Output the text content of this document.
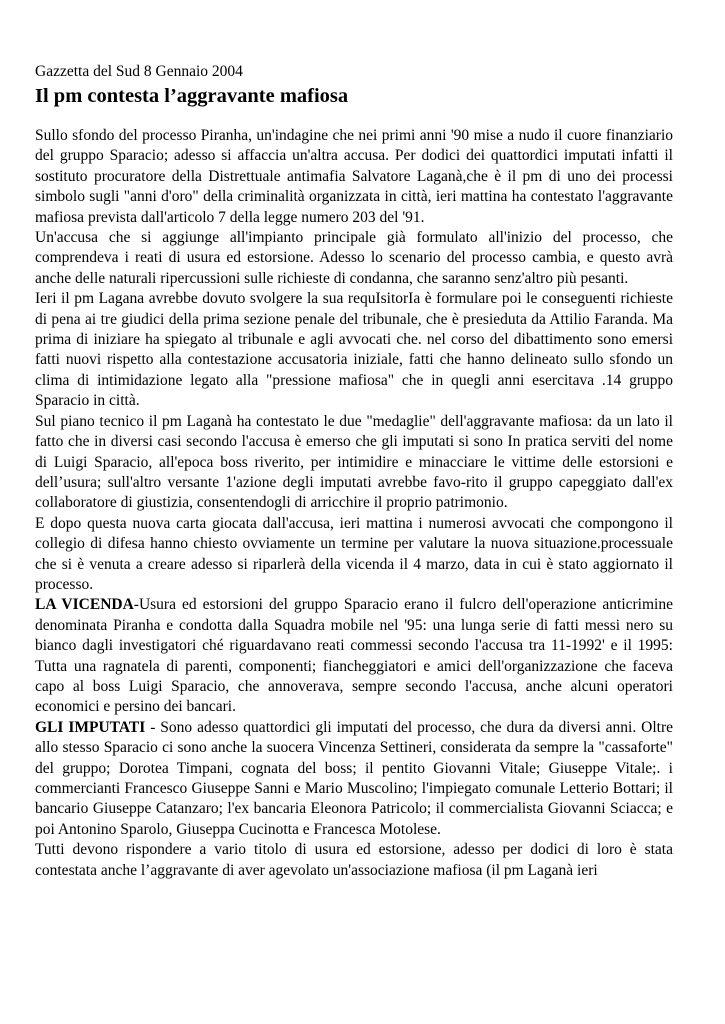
Gazzetta del Sud 8 Gennaio 2004

Il pm contesta l’aggravante mafiosa

Sullo sfondo del processo Piranha, un'indagine che nei primi anni '90 mise a nudo il cuore finanziario del gruppo Sparacio; adesso si affaccia un'altra accusa. Per dodici dei quattordici imputati infatti il sostituto procuratore della Distrettuale antimafia Salvatore Laganà,che è il pm di uno dei processi simbolo sugli "anni d'oro" della criminalità organizzata in città, ieri mattina ha contestato l'aggravante mafiosa prevista dall'articolo 7 della legge numero 203 del '91.

Un'accusa che si aggiunge all'impianto principale già formulato all'inizio del processo, che comprendeva i reati di usura ed estorsione. Adesso lo scenario del processo cambia, e questo avrà anche delle naturali ripercussioni sulle richieste di condanna, che saranno senz'altro più pesanti.

Ieri il pm Lagana avrebbe dovuto svolgere la sua requIsitorIa è formulare poi le conseguenti richieste di pena ai tre giudici della prima sezione penale del tribunale, che è presieduta da Attilio Faranda. Ma prima di iniziare ha spiegato al tribunale e agli avvocati che. nel corso del dibattimento sono emersi fatti nuovi rispetto alla contestazione accusatoria iniziale, fatti che hanno delineato sullo sfondo un clima di intimidazione legato alla "pressione mafiosa" che in quegli anni esercitava .14 gruppo Sparacio in città.

Sul piano tecnico il pm Laganà ha contestato le due "medaglie" dell'aggravante mafiosa: da un lato il fatto che in diversi casi secondo l'accusa è emerso che gli imputati si sono In pratica serviti del nome di Luigi Sparacio, all'epoca boss riverito, per intimidire e minacciare le vittime delle estorsioni e dell’usura; sull'altro versante 1'azione degli imputati avrebbe favo-rito il gruppo capeggiato dall'ex collaboratore di giustizia, consentendogli di arricchire il proprio patrimonio.

E dopo questa nuova carta giocata dall'accusa, ieri mattina i numerosi avvocati che compongono il collegio di difesa hanno chiesto ovviamente un termine per valutare la nuova situazione.processuale che si è venuta a creare adesso si riparlerà della vicenda il 4 marzo, data in cui è stato aggiornato il processo.

LA VICENDA-Usura ed estorsioni del gruppo Sparacio erano il fulcro dell'operazione anticrimine denominata Piranha e condotta dalla Squadra mobile nel '95: una lunga serie di fatti messi nero su bianco dagli investigatori ché riguardavano reati commessi secondo l'accusa tra 11-1992' e il 1995: Tutta una ragnatela di parenti, componenti; fiancheggiatori e amici dell'organizzazione che faceva capo al boss Luigi Sparacio, che annoverava, sempre secondo l'accusa, anche alcuni operatori economici e persino dei bancari.

GLI IMPUTATI - Sono adesso quattordici gli imputati del processo, che dura da diversi anni. Oltre allo stesso Sparacio ci sono anche la suocera Vincenza Settineri, considerata da sempre la "cassaforte" del gruppo; Dorotea Timpani, cognata del boss; il pentito Giovanni Vitale; Giuseppe Vitale;. i commercianti Francesco Giuseppe Sanni e Mario Muscolino; l'impiegato comunale Letterio Bottari; il bancario Giuseppe Catanzaro; l'ex bancaria Eleonora Patricolo; il commercialista Giovanni Sciacca; e poi Antonino Sparolo, Giuseppa Cucinotta e Francesca Motolese.

Tutti devono rispondere a vario titolo di usura ed estorsione, adesso per dodici di loro è stata contestata anche l’aggravante di aver agevolato un'associazione mafiosa (il pm Laganà ieri
